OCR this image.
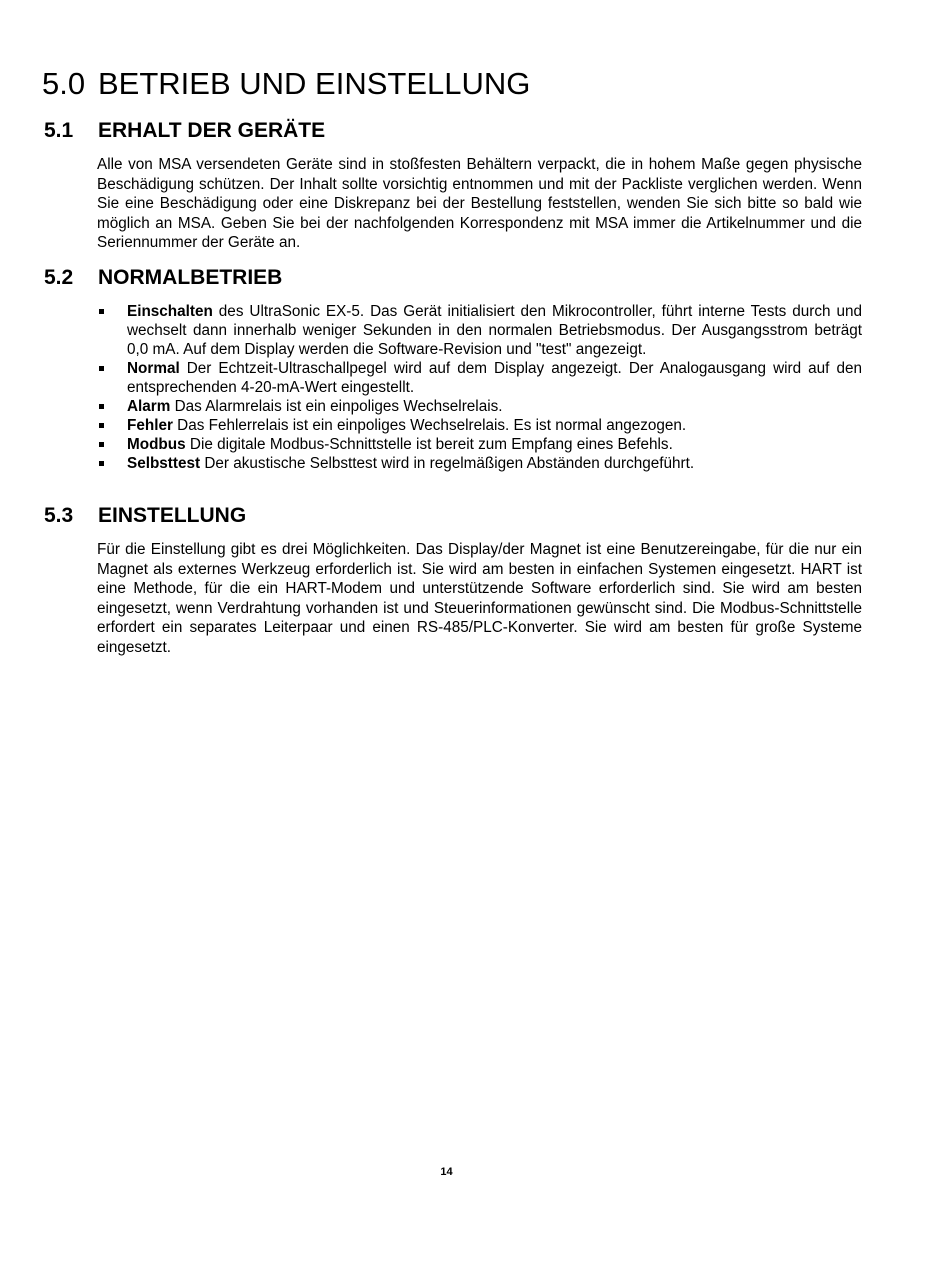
5.0 BETRIEB UND EINSTELLUNG
5.1 ERHALT DER GERÄTE

Alle von MSA versendeten Geräte sind in stoßfesten Behältern verpackt, die in hohem Maße gegen physische Beschädigung schützen. Der Inhalt sollte vorsichtig entnommen und mit der Packliste verglichen werden. Wenn Sie eine Beschädigung oder eine Diskrepanz bei der Bestellung feststellen, wenden Sie sich bitte so bald wie möglich an MSA. Geben Sie bei der nachfolgenden Korrespondenz mit MSA immer die Artikelnummer und die Seriennummer der Geräte an.

5.2 NORMALBETRIEB
Einschalten des UltraSonic EX-5. Das Gerät initialisiert den Mikrocontroller, führt interne Tests durch und wechselt dann innerhalb weniger Sekunden in den normalen Betriebsmodus. Der Ausgangsstrom beträgt 0,0 mA. Auf dem Display werden die Software-Revision und "test" angezeigt.
Normal Der Echtzeit-Ultraschallpegel wird auf dem Display angezeigt. Der Analogausgang wird auf den entsprechenden 4-20-mA-Wert eingestellt.
Alarm Das Alarmrelais ist ein einpoliges Wechselrelais.
Fehler Das Fehlerrelais ist ein einpoliges Wechselrelais. Es ist normal angezogen.
Modbus Die digitale Modbus-Schnittstelle ist bereit zum Empfang eines Befehls.
Selbsttest Der akustische Selbsttest wird in regelmäßigen Abständen durchgeführt.
5.3 EINSTELLUNG

Für die Einstellung gibt es drei Möglichkeiten. Das Display/der Magnet ist eine Benutzereingabe, für die nur ein Magnet als externes Werkzeug erforderlich ist. Sie wird am besten in einfachen Systemen eingesetzt. HART ist eine Methode, für die ein HART-Modem und unterstützende Software erforderlich sind. Sie wird am besten eingesetzt, wenn Verdrahtung vorhanden ist und Steuerinformationen gewünscht sind. Die Modbus-Schnittstelle erfordert ein separates Leiterpaar und einen RS-485/PLC-Konverter. Sie wird am besten für große Systeme eingesetzt.

14
